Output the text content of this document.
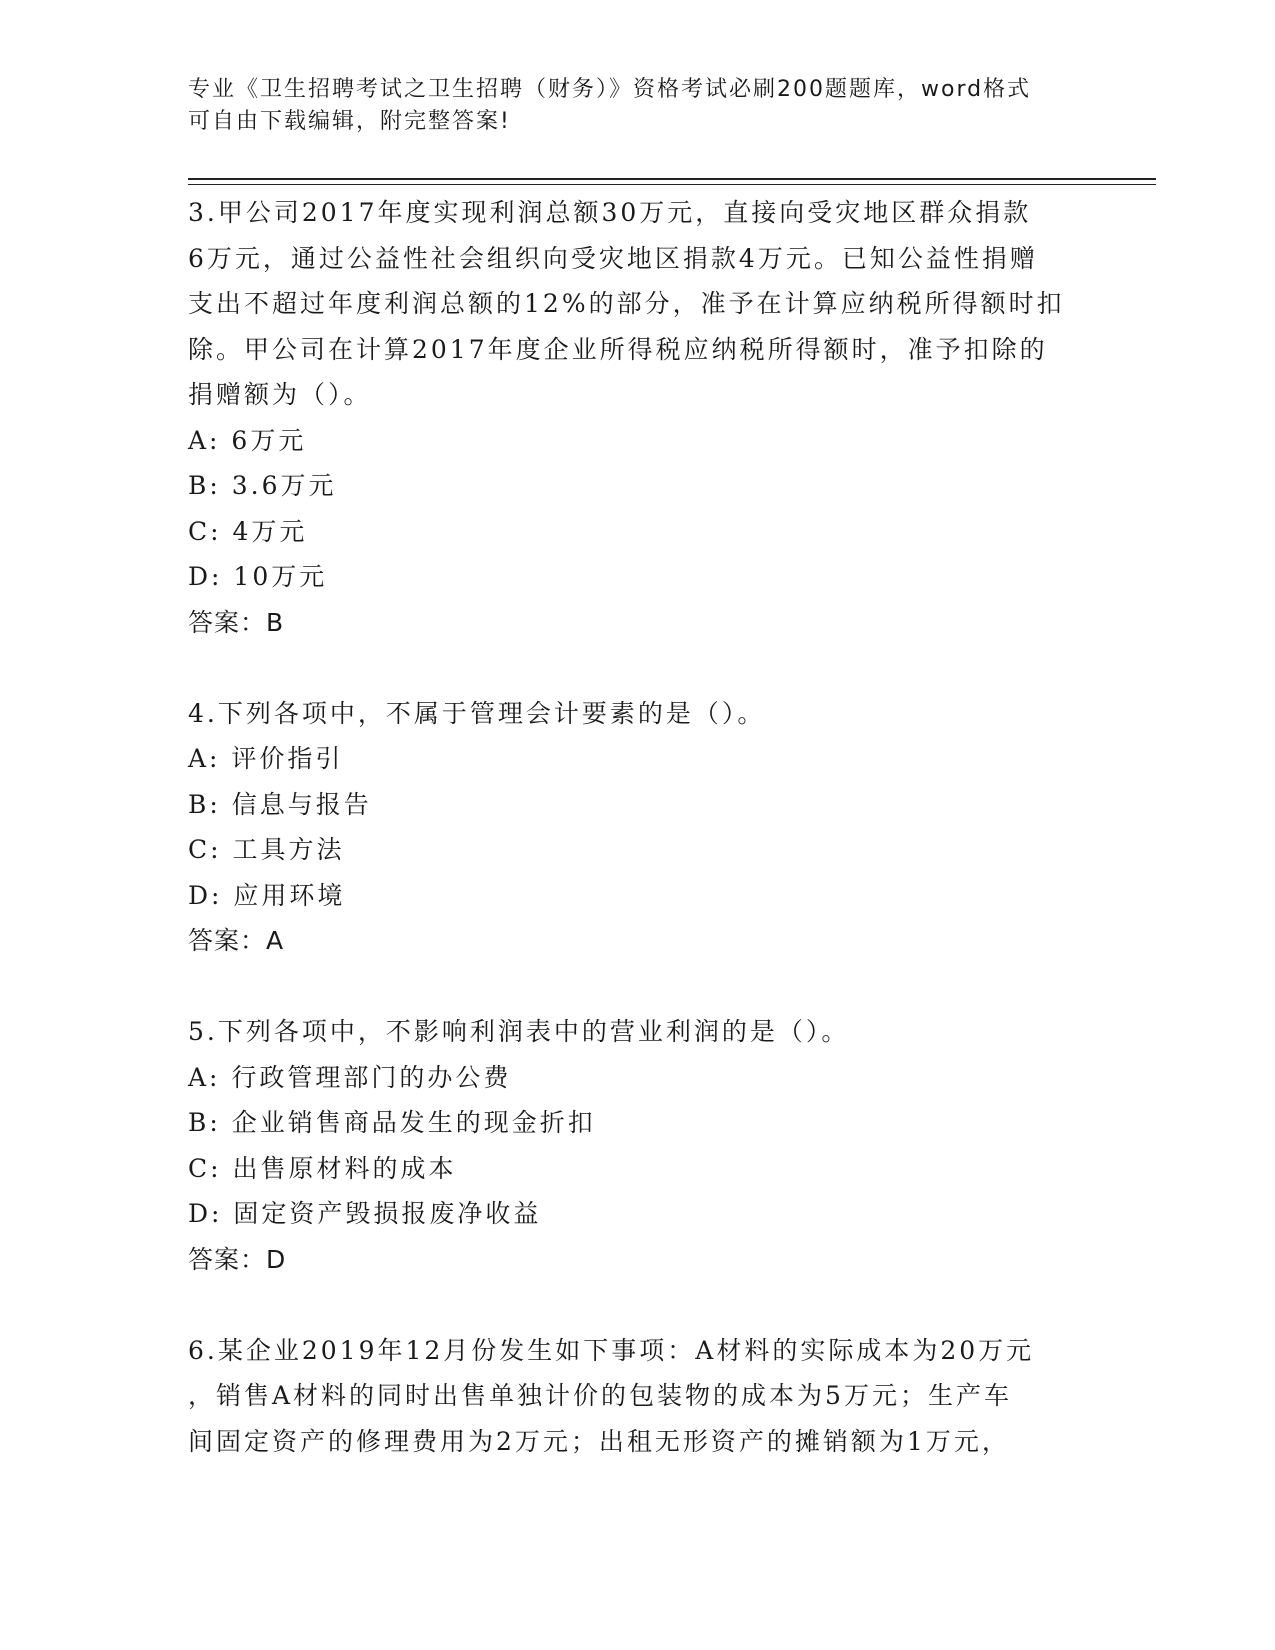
专业《卫生招聘考试之卫生招聘（财务）》资格考试必刷200题题库，word格式
可自由下载编辑，附完整答案!
3.甲公司2017年度实现利润总额30万元，直接向受灾地区群众捐款
6万元，通过公益性社会组织向受灾地区捐款4万元。已知公益性捐赠
支出不超过年度利润总额的12%的部分，准予在计算应纳税所得额时扣
除。甲公司在计算2017年度企业所得税应纳税所得额时，准予扣除的
捐赠额为（）。
A: 6万元
B: 3.6万元
C: 4万元
D: 10万元
答案：B
4.下列各项中，不属于管理会计要素的是（）。
A: 评价指引
B: 信息与报告
C: 工具方法
D: 应用环境
答案：A
5.下列各项中，不影响利润表中的营业利润的是（）。
A: 行政管理部门的办公费
B: 企业销售商品发生的现金折扣
C: 出售原材料的成本
D: 固定资产毁损报废净收益
答案：D
6.某企业2019年12月份发生如下事项：A材料的实际成本为20万元
，销售A材料的同时出售单独计价的包装物的成本为5万元；生产车
间固定资产的修理费用为2万元；出租无形资产的摊销额为1万元，
